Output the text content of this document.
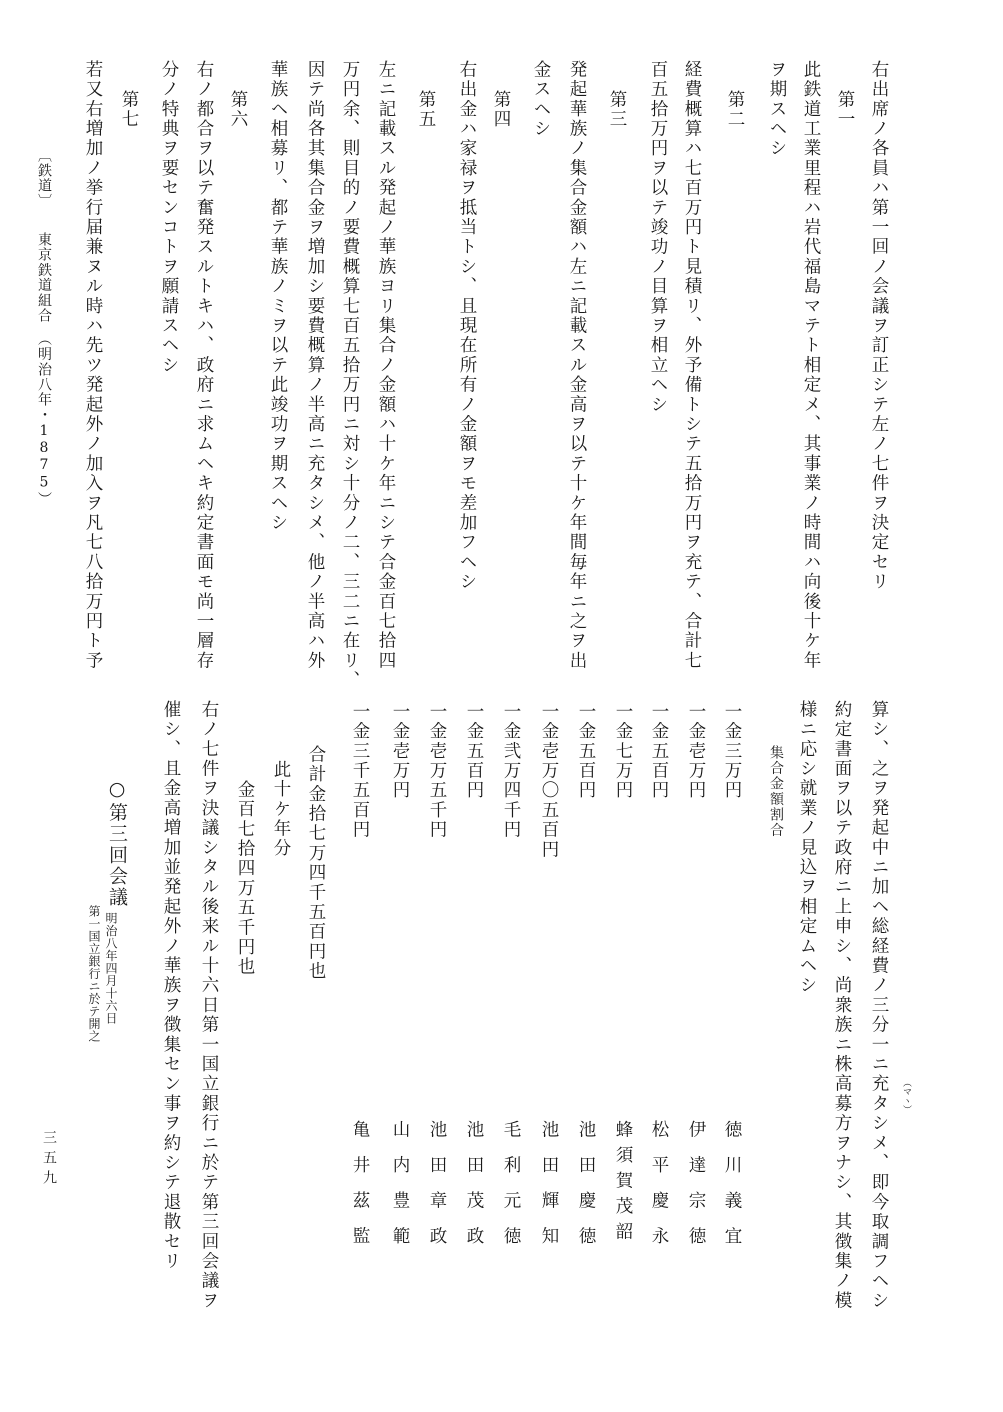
右出席ノ各員ハ第一回ノ会議ヲ訂正シテ左ノ七件ヲ決定セリ

第一

此鉄道工業里程ハ岩代福島マテト相定メ、其事業ノ時間ハ向後十ケ年

ヲ期スヘシ

第二

経費概算ハ七百万円ト見積リ、外予備トシテ五拾万円ヲ充テ、合計七

百五拾万円ヲ以テ竣功ノ目算ヲ相立ヘシ

第三

発起華族ノ集合金額ハ左ニ記載スル金高ヲ以テ十ケ年間毎年ニ之ヲ出

金スヘシ

第四

右出金ハ家禄ヲ抵当トシ、且現在所有ノ金額ヲモ差加フヘシ

第五

左ニ記載スル発起ノ華族ヨリ集合ノ金額ハ十ケ年ニシテ合金百七拾四

万円余、則目的ノ要費概算七百五拾万円ニ対シ十分ノ二、三二ニ在リ、

因テ尚各其集合金ヲ増加シ要費概算ノ半高ニ充タシメ、他ノ半高ハ外

華族ヘ相募リ、都テ華族ノミヲ以テ此竣功ヲ期スヘシ

第六

右ノ都合ヲ以テ奮発スルトキハ、政府ニ求ムヘキ約定書面モ尚一層存

分ノ特典ヲ要センコトヲ願請スヘシ

第七

若又右増加ノ挙行届兼ヌル時ハ先ツ発起外ノ加入ヲ凡七八拾万円ト予

〔鉄道〕　　東京鉄道組合　（明治八年・1875）

算シ、之ヲ発起中ニ加ヘ総経費ノ三分一ニ充タシメ、即今取調フヘシ	（マヽ）

約定書面ヲ以テ政府ニ上申シ、尚衆族ニ株高募方ヲナシ、其徴集ノ模

様ニ応シ就業ノ見込ヲ相定ムヘシ

集合金額割合

一金三万円

徳川義宜

一金壱万円

伊達宗徳

一金五百円

松平慶永

一金七万円

蜂須賀茂韶

一金五百円

池田慶徳

一金壱万〇五百円

池田輝知

一金弐万四千円

毛利元徳

一金五百円

池田茂政

一金壱万五千円

池田章政

一金壱万円

山内豊範

一金三千五百円

亀井茲監

合計金拾七万四千五百円也

此十ケ年分

金百七拾四万五千円也

右ノ七件ヲ決議シタル後来ル十六日第一国立銀行ニ於テ第三回会議ヲ

催シ、且金高増加並発起外ノ華族ヲ徴集セン事ヲ約シテ退散セリ

○第三回会議

明治八年四月十六日

第一国立銀行ニ於テ開之

三五九
